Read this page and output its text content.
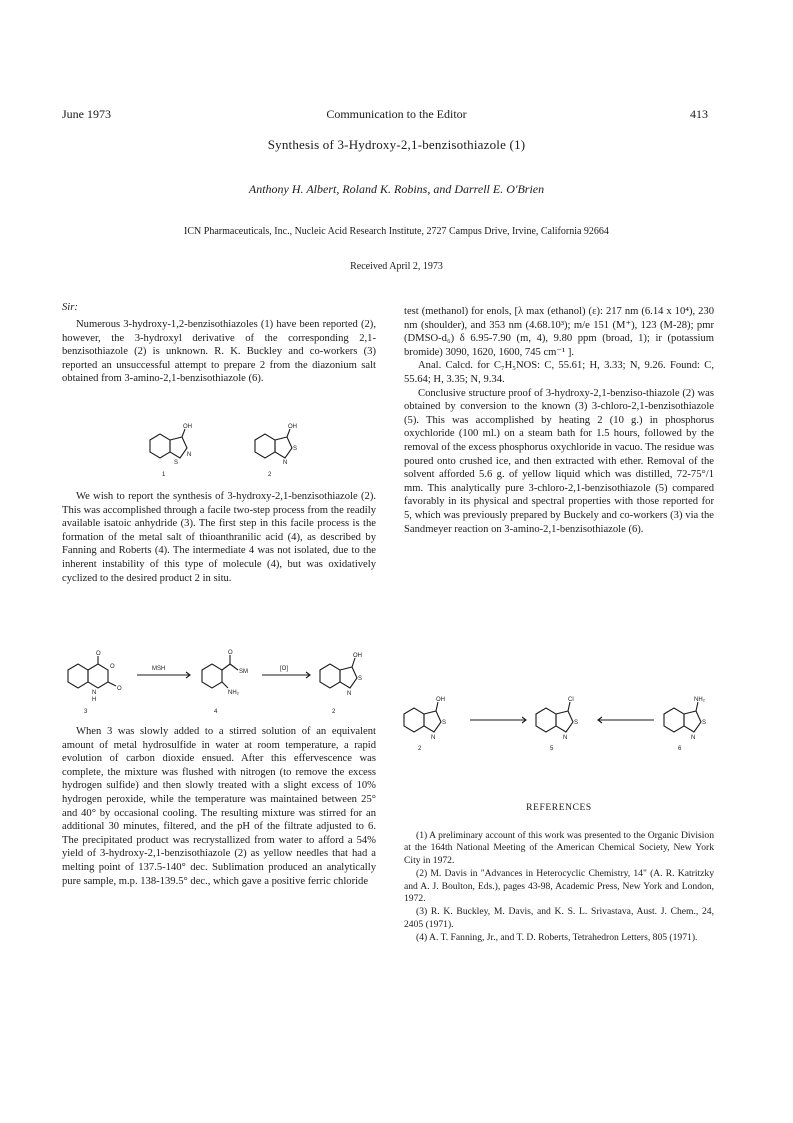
June 1973	Communication to the Editor	413
Synthesis of 3-Hydroxy-2,1-benzisothiazole (1)
Anthony H. Albert, Roland K. Robins, and Darrell E. O'Brien
ICN Pharmaceuticals, Inc., Nucleic Acid Research Institute, 2727 Campus Drive, Irvine, California 92664
Received April 2, 1973
Sir:

Numerous 3-hydroxy-1,2-benzisothiazoles (1) have been reported (2), however, the 3-hydroxyl derivative of the corresponding 2,1-benzisothiazole (2) is unknown. R. K. Buckley and co-workers (3) reported an unsuccessful attempt to prepare 2 from the diazonium salt obtained from 3-amino-2,1-benzisothiazole (6).

OH
S
N
1
OH
S
N
2

We wish to report the synthesis of 3-hydroxy-2,1-benzisothiazole (2). This was accomplished through a facile two-step process from the readily available isatoic anhydride (3). The first step in this facile process is the formation of the metal salt of thioanthranilic acid (4), as described by Fanning and Roberts (4). The intermediate 4 was not isolated, due to the inherent instability of this type of molecule (4), but was oxidatively cyclized to the desired product 2 in situ.

O
O
O
N
H
3
MSH
O
SM
NH₂
4
[O]
OH
S
N
2

When 3 was slowly added to a stirred solution of an equivalent amount of metal hydrosulfide in water at room temperature, a rapid evolution of carbon dioxide ensued. After this effervescence was complete, the mixture was flushed with nitrogen (to remove the excess hydrogen sulfide) and then slowly treated with a slight excess of 10% hydrogen peroxide, while the temperature was maintained between 25° and 40° by occasional cooling. The resulting mixture was stirred for an additional 30 minutes, filtered, and the pH of the filtrate adjusted to 6. The precipitated product was recrystallized from water to afford a 54% yield of 3-hydroxy-2,1-benzisothiazole (2) as yellow needles that had a melting point of 137.5-140° dec. Sublimation produced an analytically pure sample, m.p. 138-139.5° dec., which gave a positive ferric chloride

test (methanol) for enols, [λ max (ethanol) (ε): 217 nm (6.14 x 10⁴), 230 nm (shoulder), and 353 nm (4.68.10³); m/e 151 (M⁺), 123 (M-28); pmr (DMSO-d₆) δ 6.95-7.90 (m, 4), 9.80 ppm (broad, 1); ir (potassium bromide) 3090, 1620, 1600, 745 cm⁻¹ ].

Anal. Calcd. for C₇H₅NOS: C, 55.61; H, 3.33; N, 9.26. Found: C, 55.64; H, 3.35; N, 9.34.

Conclusive structure proof of 3-hydroxy-2,1-benziso-thiazole (2) was obtained by conversion to the known (3) 3-chloro-2,1-benzisothiazole (5). This was accomplished by heating 2 (10 g.) in phosphorus oxychloride (100 ml.) on a steam bath for 1.5 hours, followed by the removal of the excess phosphorus oxychloride in vacuo. The residue was poured onto crushed ice, and then extracted with ether. Removal of the solvent afforded 5.6 g. of yellow liquid which was distilled, 72-75°/1 mm. This analytically pure 3-chloro-2,1-benzisothiazole (5) compared favorably in its physical and spectral properties with those reported for 5, which was previously prepared by Buckely and co-workers (3) via the Sandmeyer reaction on 3-amino-2,1-benzisothiazole (6).

OH
S
N
2
Cl
S
N
5
NH₂
S
N
6
REFERENCES

(1) A preliminary account of this work was presented to the Organic Division at the 164th National Meeting of the American Chemical Society, New York City in 1972.

(2) M. Davis in "Advances in Heterocyclic Chemistry, 14" (A. R. Katritzky and A. J. Boulton, Eds.), pages 43-98, Academic Press, New York and London, 1972.

(3) R. K. Buckley, M. Davis, and K. S. L. Srivastava, Aust. J. Chem., 24, 2405 (1971).

(4) A. T. Fanning, Jr., and T. D. Roberts, Tetrahedron Letters, 805 (1971).
